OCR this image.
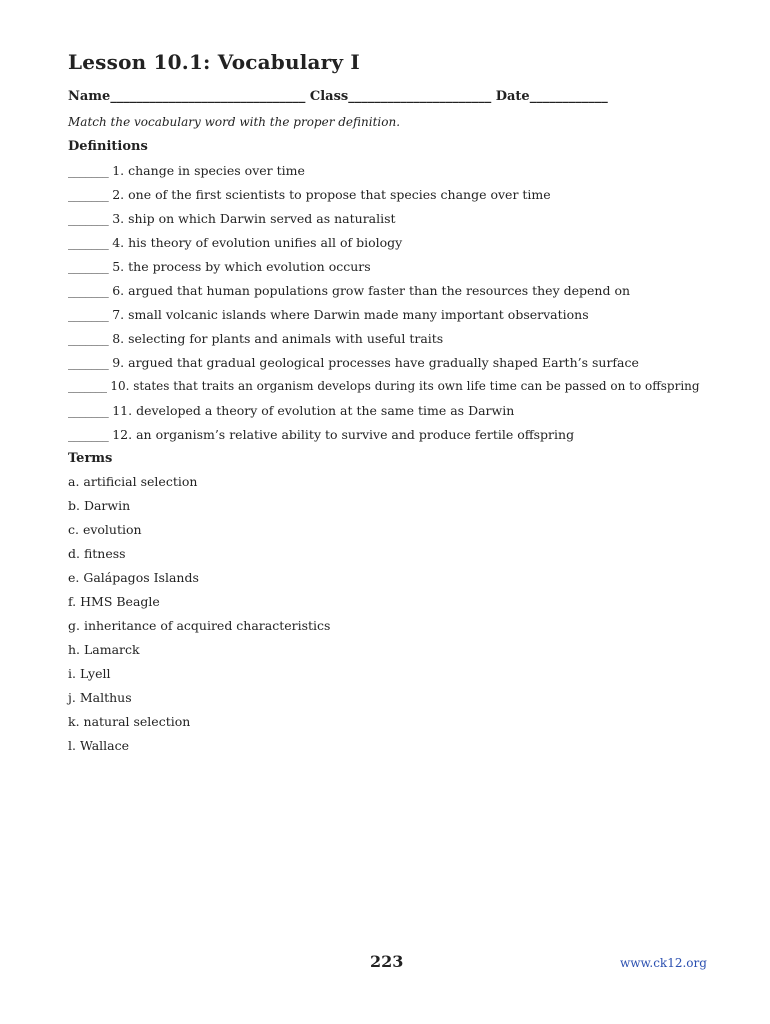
Lesson 10.1: Vocabulary I
Name______________________________ Class______________________ Date____________
Match the vocabulary word with the proper definition.
Definitions
_______ 1. change in species over time
_______ 2. one of the first scientists to propose that species change over time
_______ 3. ship on which Darwin served as naturalist
_______ 4. his theory of evolution unifies all of biology
_______ 5. the process by which evolution occurs
_______ 6. argued that human populations grow faster than the resources they depend on
_______ 7. small volcanic islands where Darwin made many important observations
_______ 8. selecting for plants and animals with useful traits
_______ 9. argued that gradual geological processes have gradually shaped Earth’s surface
_______ 10. states that traits an organism develops during its own life time can be passed on to offspring
_______ 11. developed a theory of evolution at the same time as Darwin
_______ 12. an organism’s relative ability to survive and produce fertile offspring
Terms
a. artificial selection
b. Darwin
c. evolution
d. fitness
e. Galápagos Islands
f. HMS Beagle
g. inheritance of acquired characteristics
h. Lamarck
i. Lyell
j. Malthus
k. natural selection
l. Wallace
223	www.ck12.org
